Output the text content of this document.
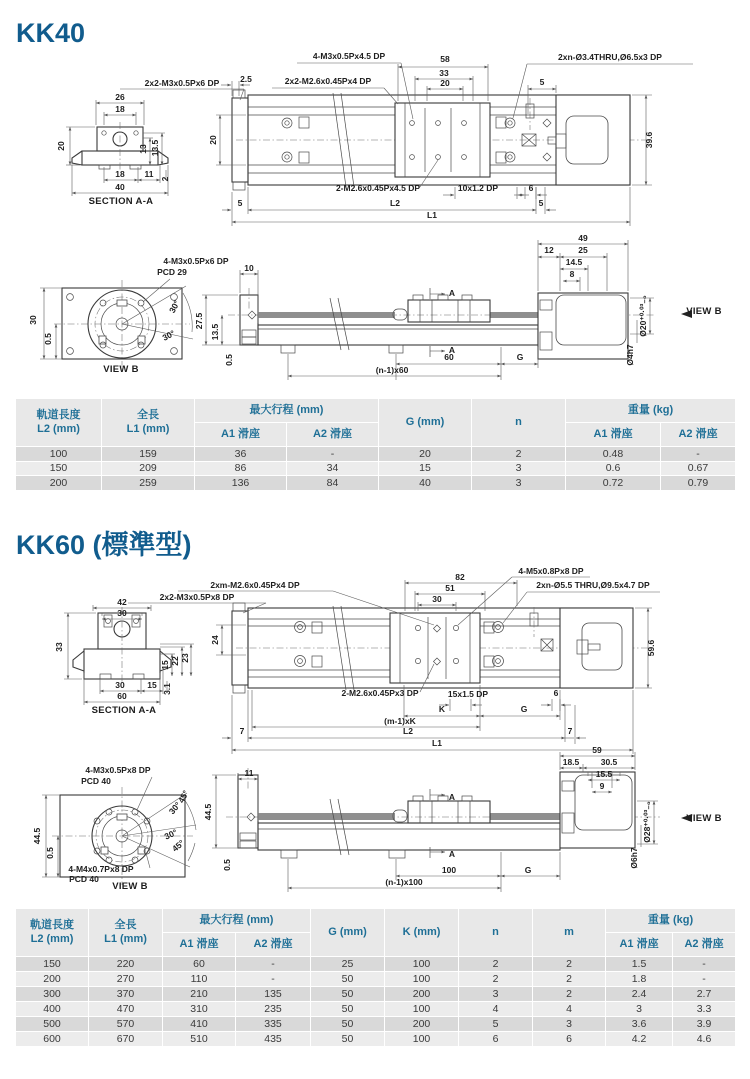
KK40
KK60 (標準型)
26
18
20	13 13.5
18 11 2
40
SECTION A-A
4-M3x0.5Px4.5 DP	58
33
20
2xn-Ø3.4THRU,Ø6.5x3 DP
2x2-M3x0.5Px6 DP 2.5	2x2-M2.6x0.45Px4 DP	5
20	39.6
2-M2.6x0.45Px4.5 DP	10x1.2 DP	6
5	L2	5
L1
4-M3x0.5Px6 DP
PCD 29
30
0.5
30°
30°
VIEW B
10
49
12	25
14.5
8
27.5
13.5
0.5
A
A
60	G
(n-1)x60
Ø20⁺⁰·⁰³₋₀
Ø4h7
VIEW B
42
30
33
15 22 23
30	15 3.1
60
SECTION A-A
2xm-M2.6x0.45Px4 DP
2x2-M3x0.5Px8 DP
82
51
30
4-M5x0.8Px8 DP
2xn-Ø5.5 THRU,Ø9.5x4.7 DP
24	59.6
2-M2.6x0.45Px3 DP	15x1.5 DP	6
K	G
(m-1)xK
L2
7	7
L1
4-M3x0.5Px8 DP
PCD 40
44.5
0.5
45°
30°
30°
45°
4-M4x0.7Px8 DP
PCD 40
VIEW B
11
59
18.5	30.5
15.5
9
44.5
0.5
A
A
100	G
(n-1)x100
Ø28⁺⁰·⁰³₋₀
Ø6h7
VIEW B
軌道長度
L2 (mm)

全長
L1 (mm)
	最大行程 (mm)	G (mm)	n	重量 (kg)
		A1 滑座	A2 滑座			A1 滑座	A2 滑座
100	159	36	-	20	2	0.48	-
150	209	86	34	15	3	0.6	0.67
200	259	136	84	40	3	0.72	0.79
軌道長度
L2 (mm)

全長
L1 (mm)
	最大行程 (mm)	G (mm)	K (mm)	n	m	重量 (kg)
		A1 滑座	A2 滑座					A1 滑座	A2 滑座
150	220	60	-	25	100	2	2	1.5	-
200	270	110	-	50	100	2	2	1.8	-
300	370	210	135	50	200	3	2	2.4	2.7
400	470	310	235	50	100	4	4	3	3.3
500	570	410	335	50	200	5	3	3.6	3.9
600	670	510	435	50	100	6	6	4.2	4.6
